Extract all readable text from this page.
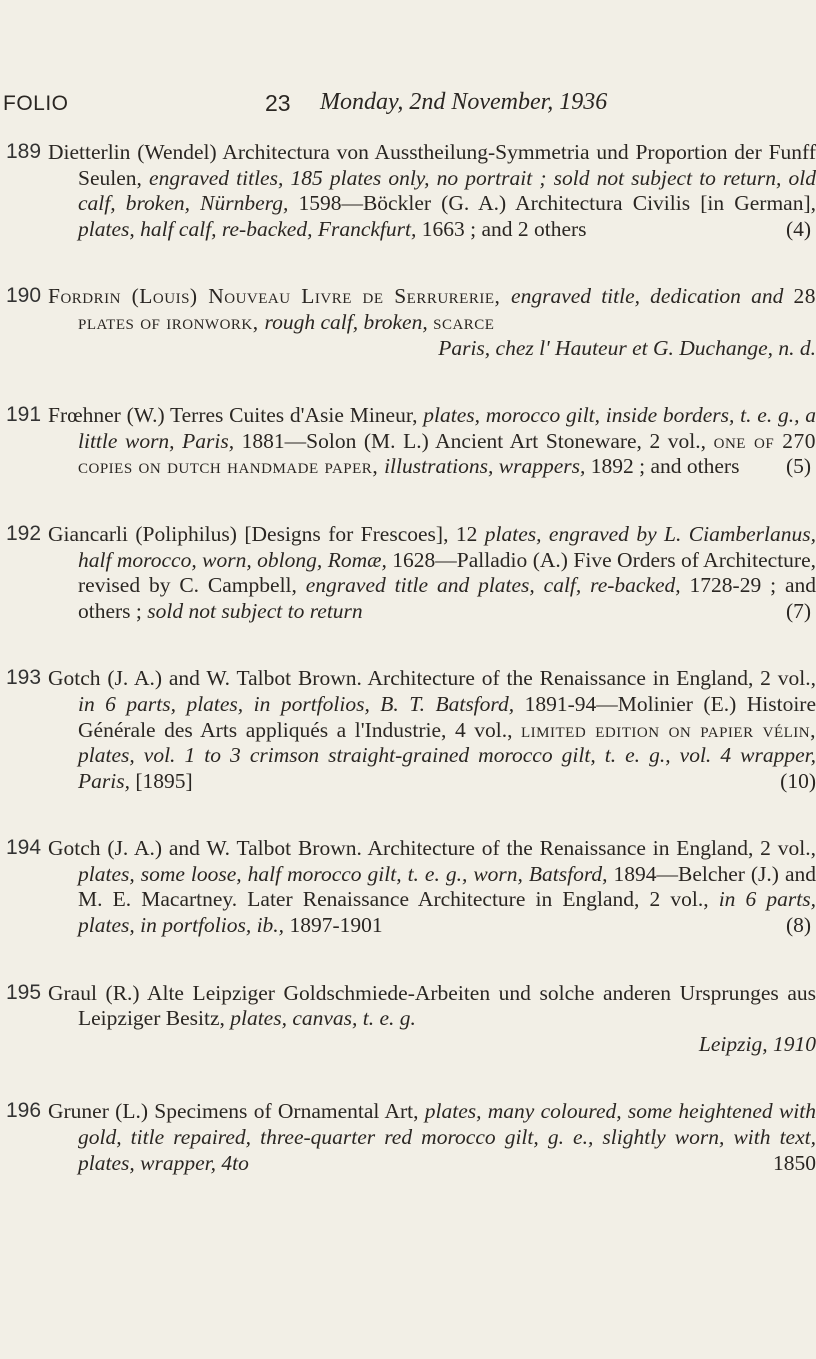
FOLIO	23 Monday, 2nd November, 1936
189 Dietterlin (Wendel) Architectura von Ausstheilung-Symmetria und Proportion der Funff Seulen, engraved titles, 185 plates only, no portrait ; sold not subject to return, old calf, broken, Nürnberg, 1598—Böckler (G. A.) Architectura Civilis [in German], plates, half calf, re-backed, Franckfurt, 1663 ; and 2 others	(4)
190 Fordrin (Louis) Nouveau Livre de Serrurerie, engraved title, dedication and 28 plates of ironwork, rough calf, broken, scarce
Paris, chez l' Hauteur et G. Duchange, n. d.
191 Frœhner (W.) Terres Cuites d'Asie Mineur, plates, morocco gilt, inside borders, t. e. g., a little worn, Paris, 1881—Solon (M. L.) Ancient Art Stoneware, 2 vol., one of 270 copies on dutch handmade paper, illustrations, wrappers, 1892 ; and others (5)
192 Giancarli (Poliphilus) [Designs for Frescoes], 12 plates, engraved by L. Ciamberlanus, half morocco, worn, oblong, Romæ, 1628—Palladio (A.) Five Orders of Architecture, revised by C. Campbell, engraved title and plates, calf, re-backed, 1728-29 ; and others ; sold not subject to return	(7)
193 Gotch (J. A.) and W. Talbot Brown. Architecture of the Renaissance in England, 2 vol., in 6 parts, plates, in portfolios, B. T. Batsford, 1891-94—Molinier (E.) Histoire Générale des Arts appliqués a l'Industrie, 4 vol., limited edition on papier vélin, plates, vol. 1 to 3 crimson straight-grained morocco gilt, t. e. g., vol. 4 wrapper, Paris, [1895]	(10)
194 Gotch (J. A.) and W. Talbot Brown. Architecture of the Renaissance in England, 2 vol., plates, some loose, half morocco gilt, t. e. g., worn, Batsford, 1894—Belcher (J.) and M. E. Macartney. Later Renaissance Architecture in England, 2 vol., in 6 parts, plates, in portfolios, ib., 1897-1901	(8)
195 Graul (R.) Alte Leipziger Goldschmiede-Arbeiten und solche anderen Ursprunges aus Leipziger Besitz, plates, canvas, t. e. g.
Leipzig, 1910
196 Gruner (L.) Specimens of Ornamental Art, plates, many coloured, some heightened with gold, title repaired, three-quarter red morocco gilt, g. e., slightly worn, with text, plates, wrapper, 4to	1850
